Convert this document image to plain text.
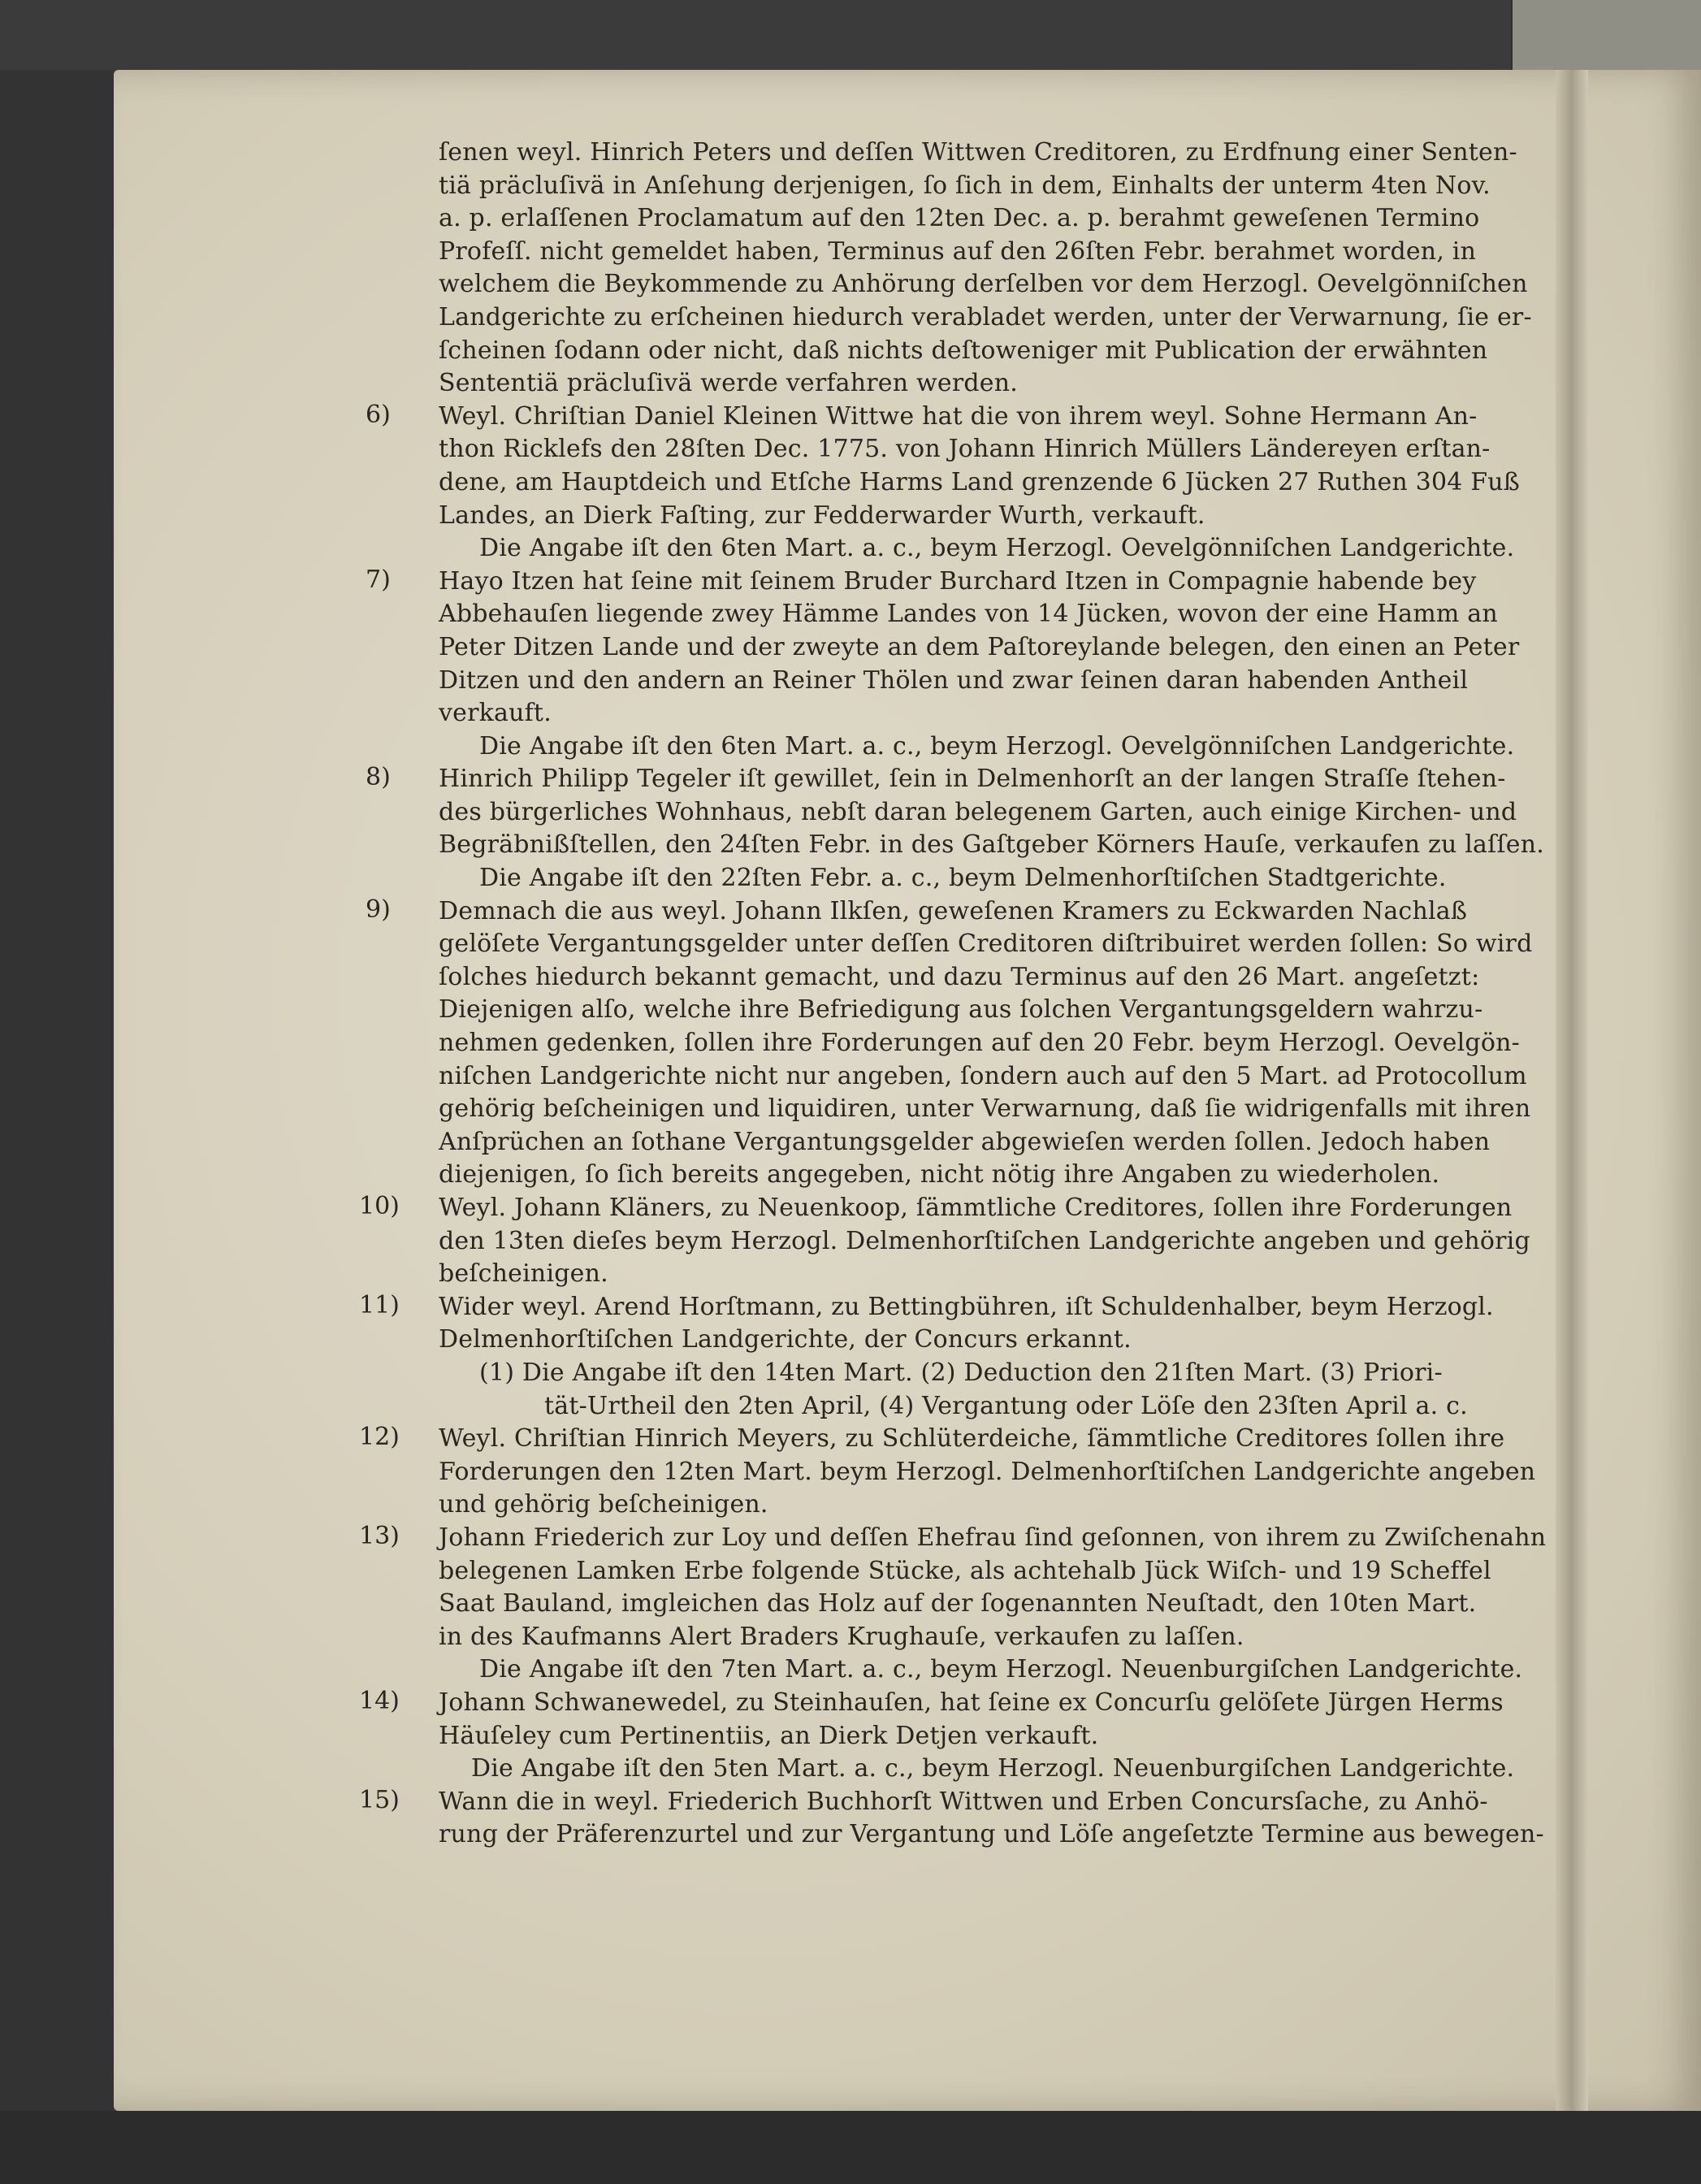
ſenen weyl. Hinrich Peters und deſſen Wittwen Creditoren, zu Erdfnung einer Senten‑
tiä präcluſivä in Anſehung derjenigen, ſo ſich in dem, Einhalts der unterm 4ten Nov.
a. p. erlaſſenen Proclamatum auf den 12ten Dec. a. p. berahmt geweſenen Termino
Profeſſ. nicht gemeldet haben, Terminus auf den 26ſten Febr. berahmet worden, in
welchem die Beykommende zu Anhörung derſelben vor dem Herzogl. Oevelgönniſchen
Landgerichte zu erſcheinen hiedurch verabladet werden, unter der Verwarnung, ſie er‑
ſcheinen ſodann oder nicht, daß nichts deſtoweniger mit Publication der erwähnten
Sententiä präcluſivä werde verfahren werden.
6)	Weyl. Chriſtian Daniel Kleinen Wittwe hat die von ihrem weyl. Sohne Hermann An‑
thon Ricklefs den 28ſten Dec. 1775. von Johann Hinrich Müllers Ländereyen erſtan‑
dene, am Hauptdeich und Etſche Harms Land grenzende 6 Jücken 27 Ruthen 304 Fuß
Landes, an Dierk Faſting, zur Fedderwarder Wurth, verkauft.
Die Angabe iſt den 6ten Mart. a. c., beym Herzogl. Oevelgönniſchen Landgerichte.
7)	Hayo Itzen hat ſeine mit ſeinem Bruder Burchard Itzen in Compagnie habende bey
Abbehauſen liegende zwey Hämme Landes von 14 Jücken, wovon der eine Hamm an
Peter Ditzen Lande und der zweyte an dem Paſtoreylande belegen, den einen an Peter
Ditzen und den andern an Reiner Thölen und zwar ſeinen daran habenden Antheil
verkauft.
Die Angabe iſt den 6ten Mart. a. c., beym Herzogl. Oevelgönniſchen Landgerichte.
8)	Hinrich Philipp Tegeler iſt gewillet, ſein in Delmenhorſt an der langen Straſſe ſtehen‑
des bürgerliches Wohnhaus, nebſt daran belegenem Garten, auch einige Kirchen‑ und
Begräbnißſtellen, den 24ſten Febr. in des Gaſtgeber Körners Hauſe, verkaufen zu laſſen.
Die Angabe iſt den 22ſten Febr. a. c., beym Delmenhorſtiſchen Stadtgerichte.
9)	Demnach die aus weyl. Johann Ilkſen, geweſenen Kramers zu Eckwarden Nachlaß
gelöſete Vergantungsgelder unter deſſen Creditoren diſtribuiret werden ſollen: So wird
ſolches hiedurch bekannt gemacht, und dazu Terminus auf den 26 Mart. angeſetzt:
Diejenigen alſo, welche ihre Befriedigung aus ſolchen Vergantungsgeldern wahrzu‑
nehmen gedenken, ſollen ihre Forderungen auf den 20 Febr. beym Herzogl. Oevelgön‑
niſchen Landgerichte nicht nur angeben, ſondern auch auf den 5 Mart. ad Protocollum
gehörig beſcheinigen und liquidiren, unter Verwarnung, daß ſie widrigenfalls mit ihren
Anſprüchen an ſothane Vergantungsgelder abgewieſen werden ſollen. Jedoch haben
diejenigen, ſo ſich bereits angegeben, nicht nötig ihre Angaben zu wiederholen.
10)	Weyl. Johann Kläners, zu Neuenkoop, ſämmtliche Creditores, ſollen ihre Forderungen
den 13ten dieſes beym Herzogl. Delmenhorſtiſchen Landgerichte angeben und gehörig
beſcheinigen.
11)	Wider weyl. Arend Horſtmann, zu Bettingbühren, iſt Schuldenhalber, beym Herzogl.
Delmenhorſtiſchen Landgerichte, der Concurs erkannt.
(1) Die Angabe iſt den 14ten Mart. (2) Deduction den 21ſten Mart. (3) Priori‑
tät‑Urtheil den 2ten April, (4) Vergantung oder Löſe den 23ſten April a. c.
12)	Weyl. Chriſtian Hinrich Meyers, zu Schlüterdeiche, ſämmtliche Creditores ſollen ihre
Forderungen den 12ten Mart. beym Herzogl. Delmenhorſtiſchen Landgerichte angeben
und gehörig beſcheinigen.
13)	Johann Friederich zur Loy und deſſen Ehefrau ſind geſonnen, von ihrem zu Zwiſchenahn
belegenen Lamken Erbe folgende Stücke, als achtehalb Jück Wiſch‑ und 19 Scheffel
Saat Bauland, imgleichen das Holz auf der ſogenannten Neuſtadt, den 10ten Mart.
in des Kaufmanns Alert Braders Krughauſe, verkaufen zu laſſen.
Die Angabe iſt den 7ten Mart. a. c., beym Herzogl. Neuenburgiſchen Landgerichte.
14)	Johann Schwanewedel, zu Steinhauſen, hat ſeine ex Concurſu gelöſete Jürgen Herms
Häuſeley cum Pertinentiis, an Dierk Detjen verkauft.
Die Angabe iſt den 5ten Mart. a. c., beym Herzogl. Neuenburgiſchen Landgerichte.
15)	Wann die in weyl. Friederich Buchhorſt Wittwen und Erben Concursſache, zu Anhö‑
rung der Präferenzurtel und zur Vergantung und Löſe angeſetzte Termine aus bewegen‑
